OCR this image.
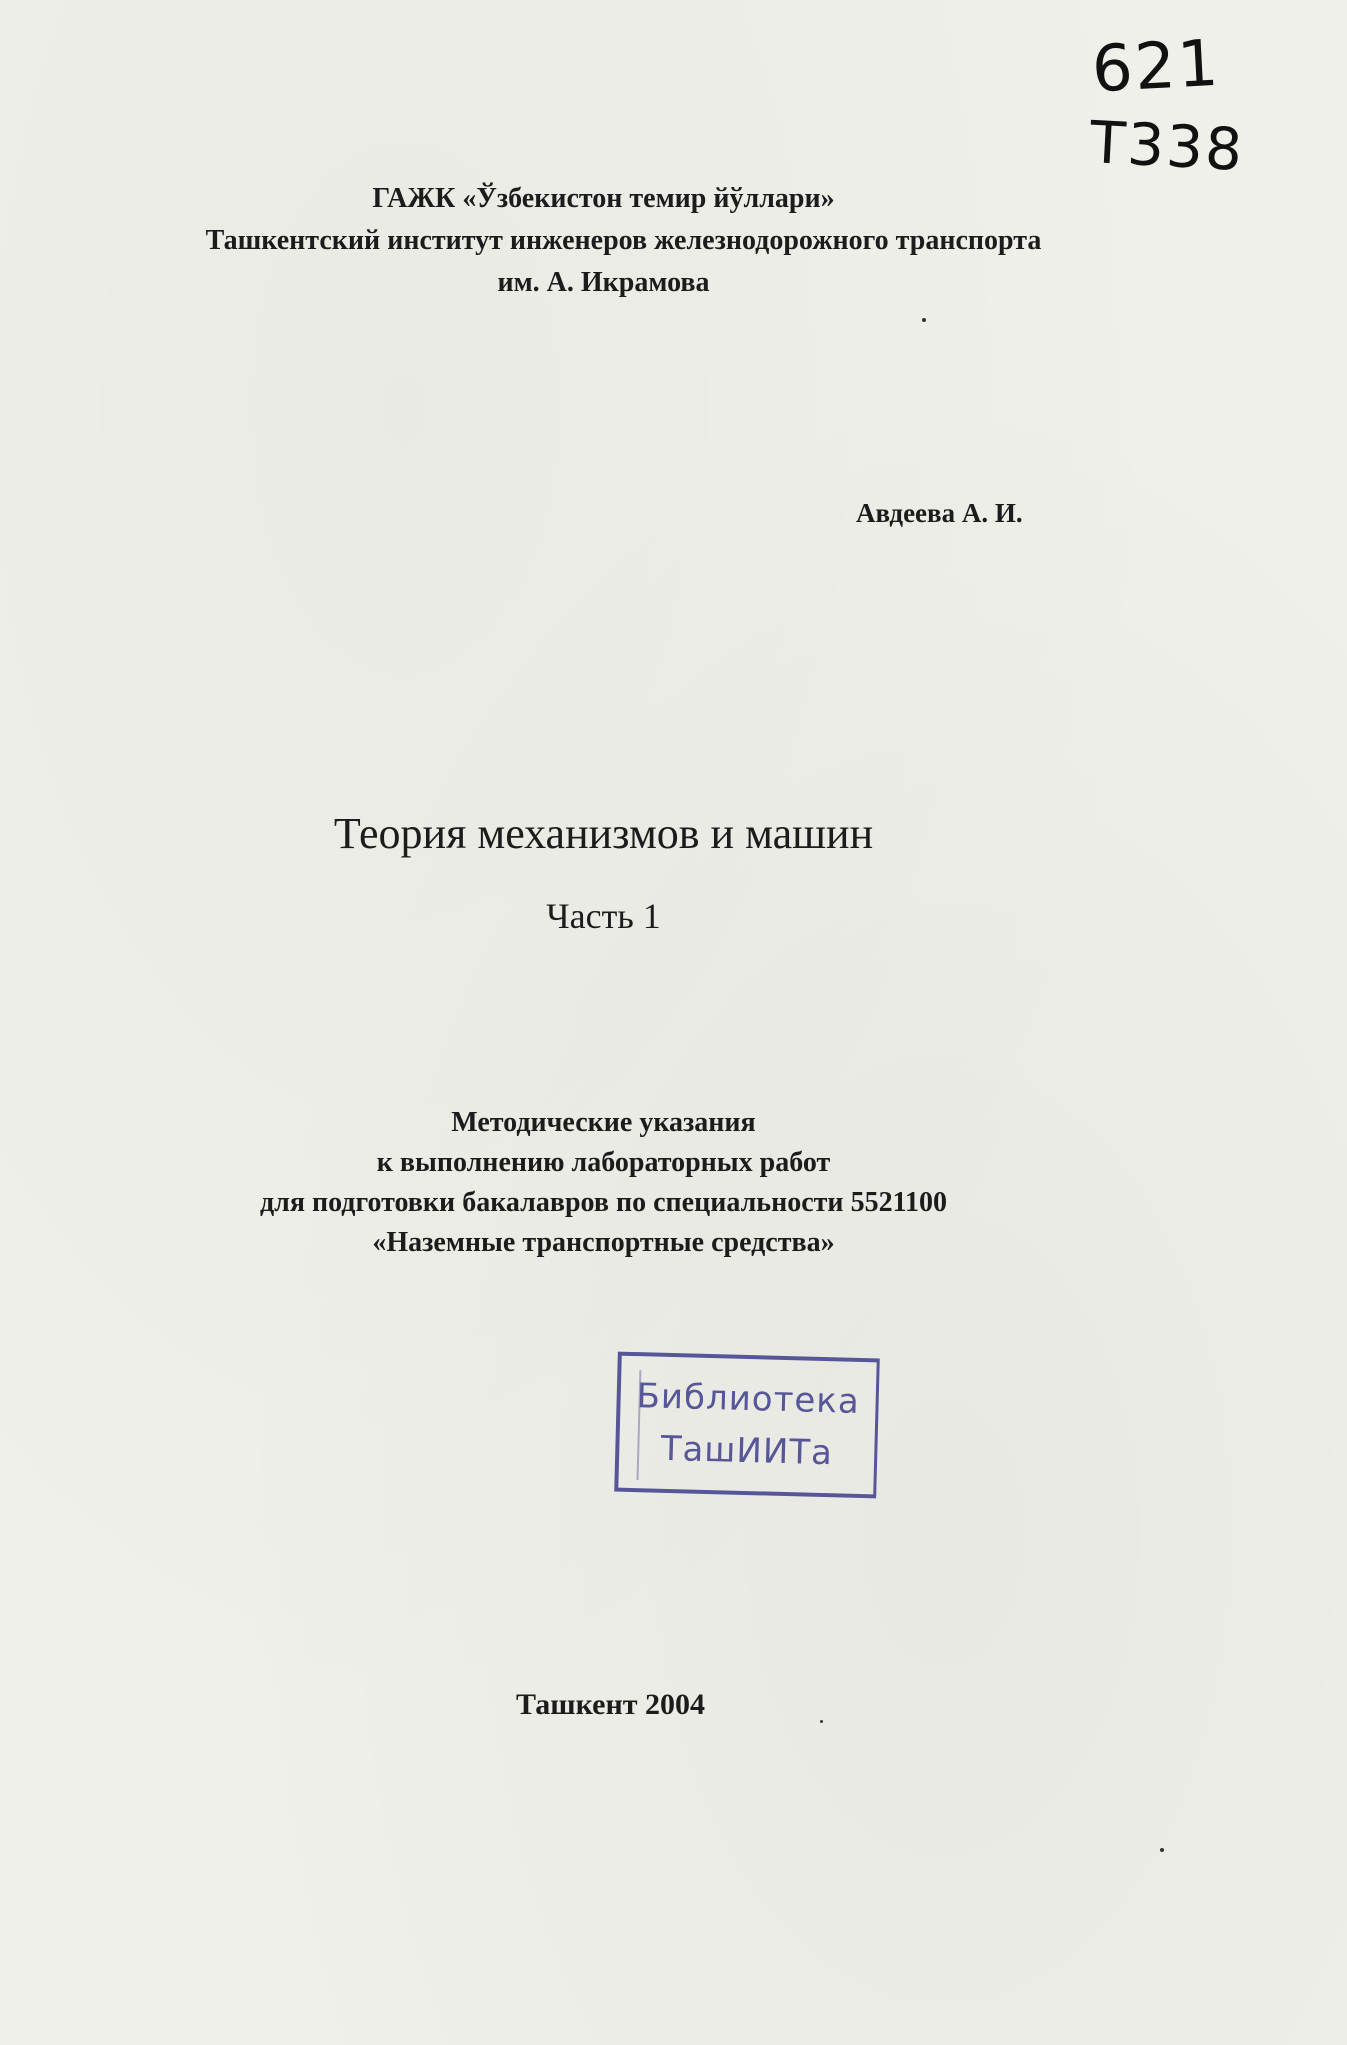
621
T338
ГАЖК «Ўзбекистон темир йўллари»
Ташкентский институт инженеров железнодорожного транспорта
им. А. Икрамова
Авдеева А. И.
Теория механизмов и машин
Часть 1
Методические указания
к выполнению лабораторных работ
для подготовки бакалавров по специальности 5521100
«Наземные транспортные средства»
Библиотека
ТашИИТа
Ташкент 2004
